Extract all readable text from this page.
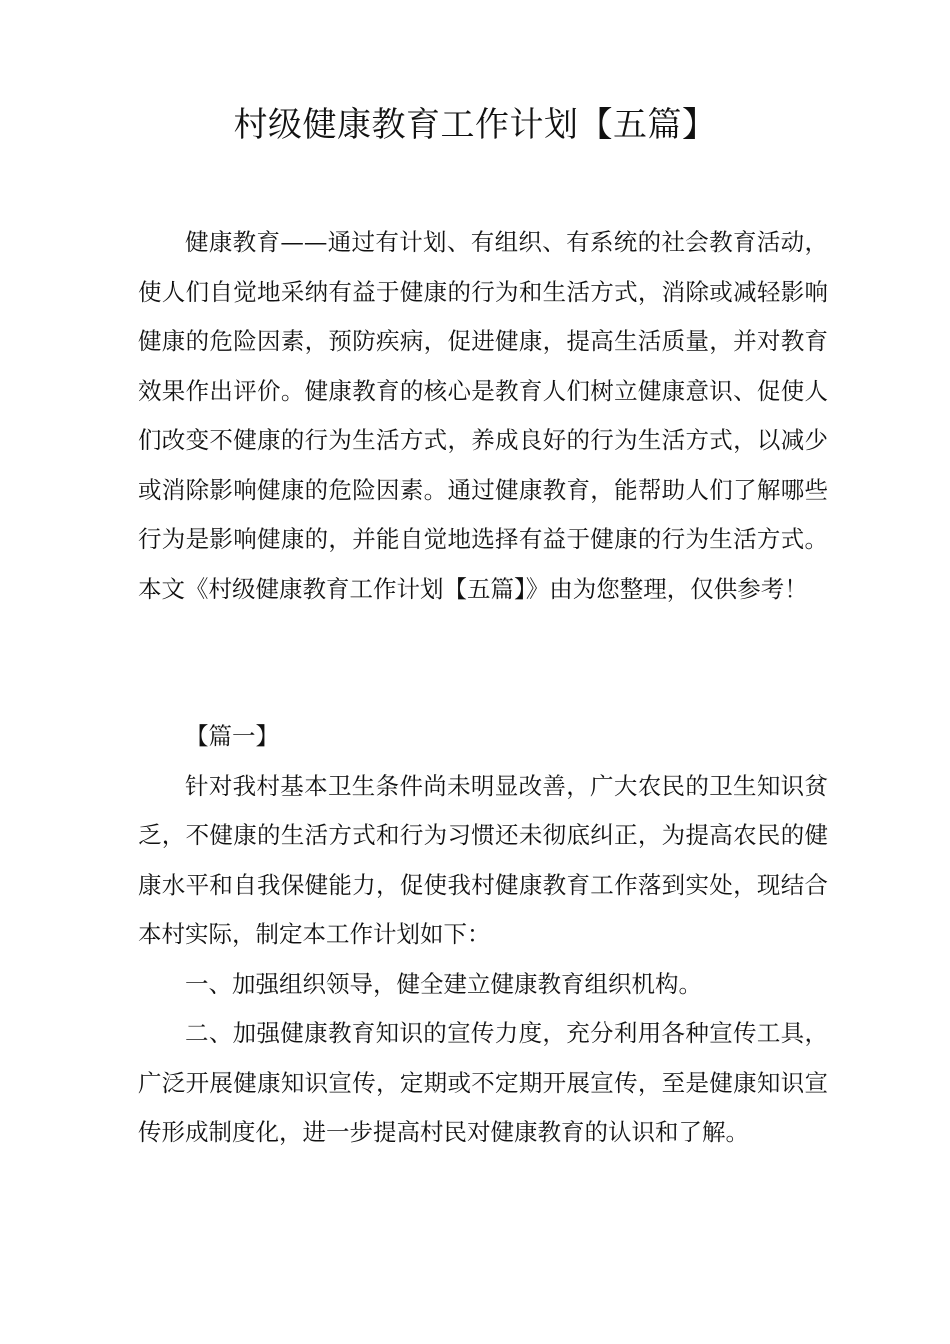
村级健康教育工作计划【五篇】

健康教育——通过有计划、有组织、有系统的社会教育活动，使人们自觉地采纳有益于健康的行为和生活方式，消除或减轻影响健康的危险因素，预防疾病，促进健康，提高生活质量，并对教育效果作出评价。健康教育的核心是教育人们树立健康意识、促使人们改变不健康的行为生活方式，养成良好的行为生活方式，以减少或消除影响健康的危险因素。通过健康教育，能帮助人们了解哪些行为是影响健康的，并能自觉地选择有益于健康的行为生活方式。本文《村级健康教育工作计划【五篇】》由为您整理，仅供参考！

【篇一】

针对我村基本卫生条件尚未明显改善，广大农民的卫生知识贫乏，不健康的生活方式和行为习惯还未彻底纠正，为提高农民的健康水平和自我保健能力，促使我村健康教育工作落到实处，现结合本村实际，制定本工作计划如下：

一、加强组织领导，健全建立健康教育组织机构。

二、加强健康教育知识的宣传力度，充分利用各种宣传工具，广泛开展健康知识宣传，定期或不定期开展宣传，至是健康知识宣传形成制度化，进一步提高村民对健康教育的认识和了解。
